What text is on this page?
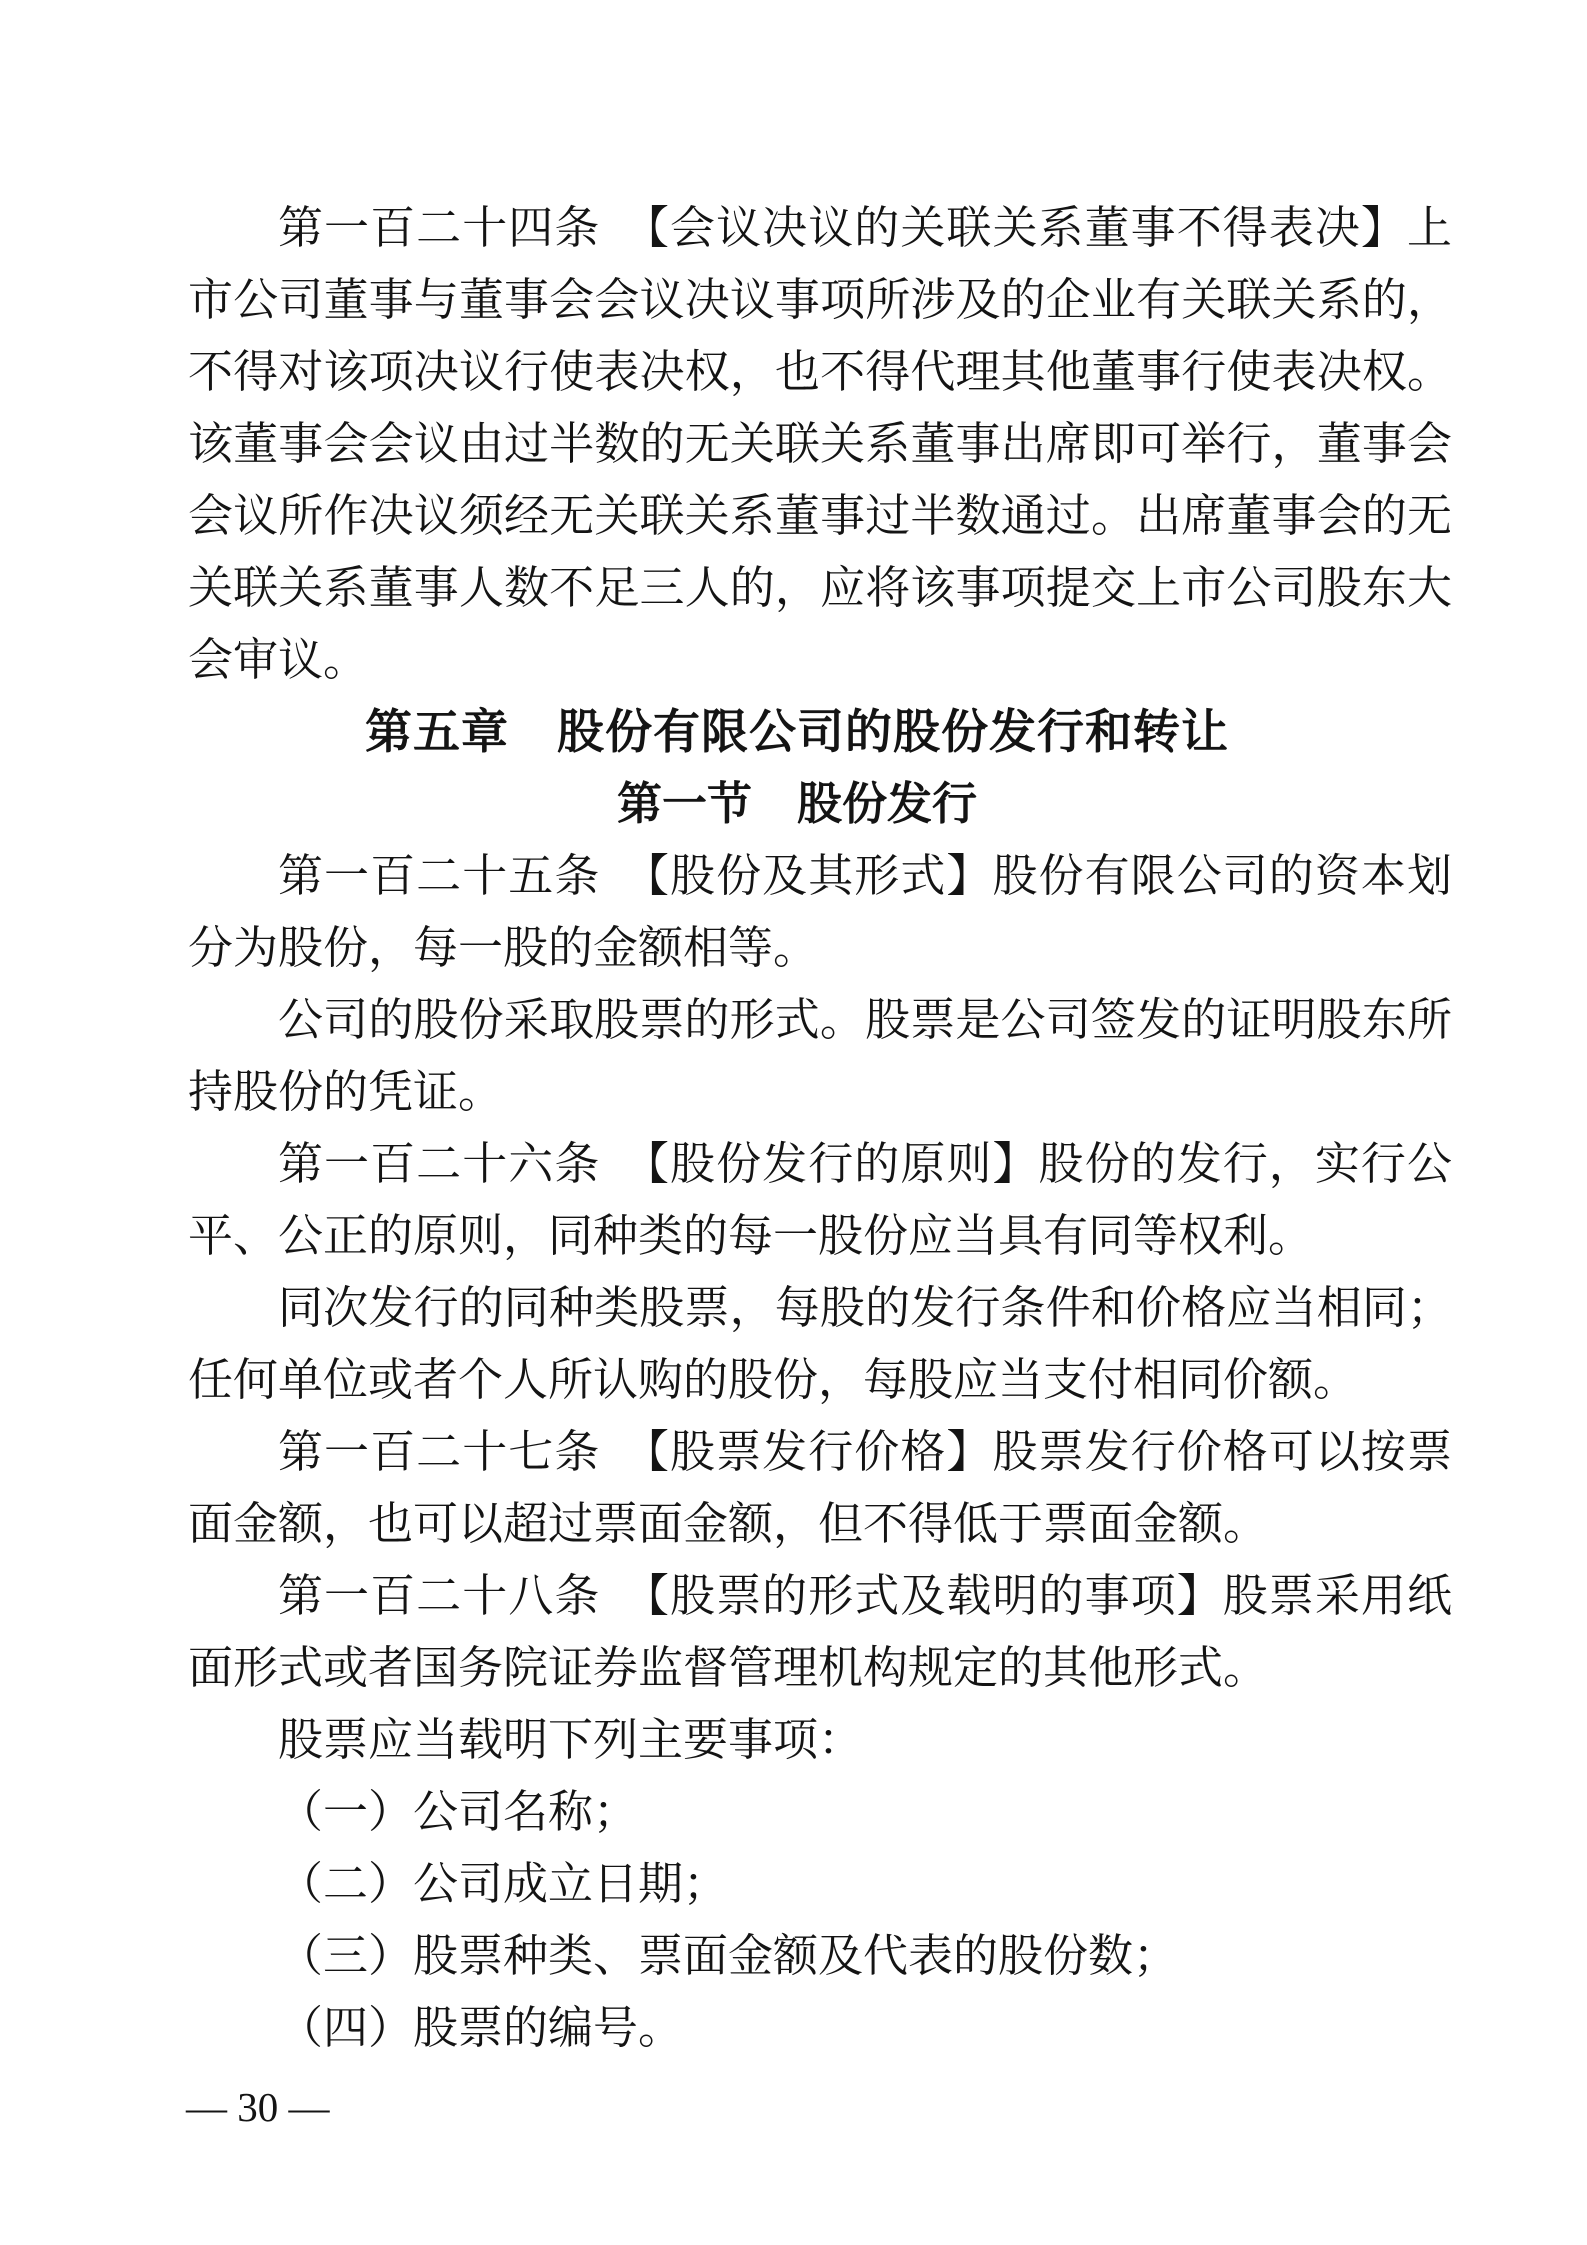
第一百二十四条　【会议决议的关联关系董事不得表决】上市公司董事与董事会会议决议事项所涉及的企业有关联关系的，不得对该项决议行使表决权，也不得代理其他董事行使表决权。该董事会会议由过半数的无关联关系董事出席即可举行，董事会会议所作决议须经无关联关系董事过半数通过。出席董事会的无关联关系董事人数不足三人的，应将该事项提交上市公司股东大会审议。

第五章　股份有限公司的股份发行和转让
第一节　股份发行

第一百二十五条　【股份及其形式】股份有限公司的资本划分为股份，每一股的金额相等。

公司的股份采取股票的形式。股票是公司签发的证明股东所持股份的凭证。

第一百二十六条　【股份发行的原则】股份的发行，实行公平、公正的原则，同种类的每一股份应当具有同等权利。

同次发行的同种类股票，每股的发行条件和价格应当相同；任何单位或者个人所认购的股份，每股应当支付相同价额。

第一百二十七条　【股票发行价格】股票发行价格可以按票面金额，也可以超过票面金额，但不得低于票面金额。

第一百二十八条　【股票的形式及载明的事项】股票采用纸面形式或者国务院证券监督管理机构规定的其他形式。

股票应当载明下列主要事项：

（一）公司名称；

（二）公司成立日期；

（三）股票种类、票面金额及代表的股份数；

（四）股票的编号。

— 30 —
